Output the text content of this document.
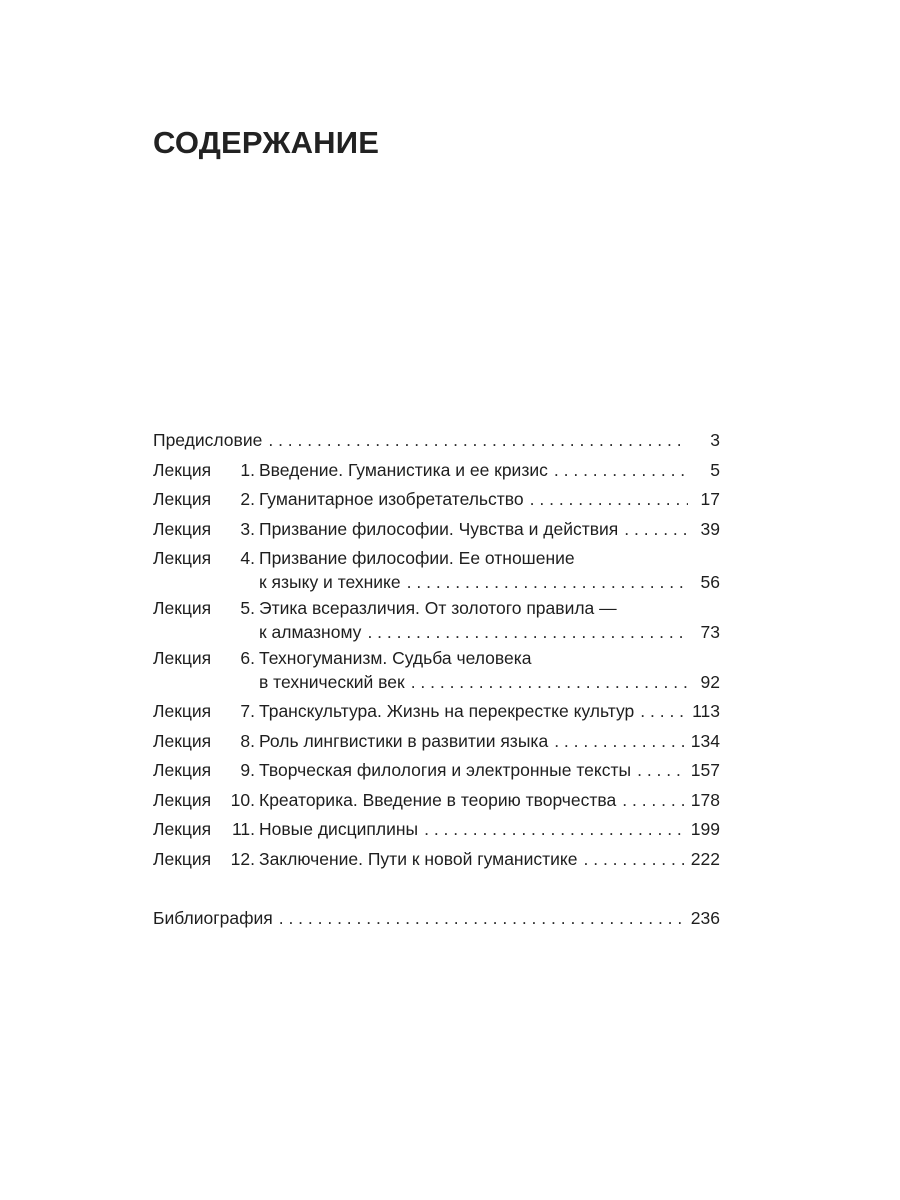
СОДЕРЖАНИЕ
Предисловие . . .	3
Лекция	1. Введение. Гуманистика и ее кризис . . .	5
Лекция	2. Гуманитарное изобретательство . . .	17
Лекция	3. Призвание философии. Чувства и действия . . .	39
Лекция	4. Призвание философии. Ее отношение
к языку и технике . . .	56
Лекция	5. Этика всеразличия. От золотого правила —
к алмазному . . .	73
Лекция	6. Техногуманизм. Судьба человека
в технический век . . .	92
Лекция	7. Транскультура. Жизнь на перекрестке культур . . .	113
Лекция	8. Роль лингвистики в развитии языка . . .	134
Лекция	9. Творческая филология и электронные тексты . . .	157
Лекция	10. Креаторика. Введение в теорию творчества . . .	178
Лекция	11. Новые дисциплины . . .	199
Лекция	12. Заключение. Пути к новой гуманистике . . .	222
Библиография . . .	236
